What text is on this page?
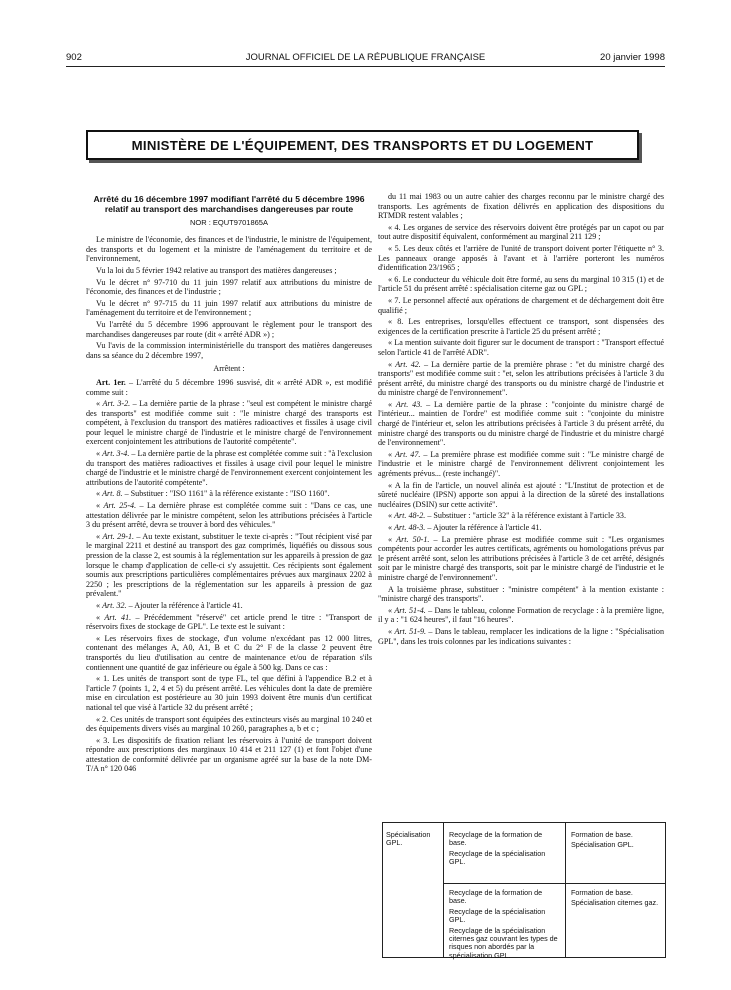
902	JOURNAL OFFICIEL DE LA RÉPUBLIQUE FRANÇAISE	20 janvier 1998
MINISTÈRE DE L'ÉQUIPEMENT, DES TRANSPORTS ET DU LOGEMENT
Arrêté du 16 décembre 1997 modifiant l'arrêté du 5 décembre 1996 relatif au transport des marchandises dangereuses par route
NOR : EQUT9701865A

Le ministre de l'économie, des finances et de l'industrie, le ministre de l'équipement, des transports et du logement et la ministre de l'aménagement du territoire et de l'environnement,

Vu la loi du 5 février 1942 relative au transport des matières dangereuses ;

Vu le décret n° 97-710 du 11 juin 1997 relatif aux attributions du ministre de l'économie, des finances et de l'industrie ;

Vu le décret n° 97-715 du 11 juin 1997 relatif aux attributions du ministre de l'aménagement du territoire et de l'environnement ;

Vu l'arrêté du 5 décembre 1996 approuvant le règlement pour le transport des marchandises dangereuses par route (dit « arrêté ADR ») ;

Vu l'avis de la commission interministérielle du transport des matières dangereuses dans sa séance du 2 décembre 1997,

Arrêtent :

Art. 1er. – L'arrêté du 5 décembre 1996 susvisé, dit « arrêté ADR », est modifié comme suit :

« Art. 3-2. – La dernière partie de la phrase : "seul est compétent le ministre chargé des transports" est modifiée comme suit : "le ministre chargé des transports est compétent, à l'exclusion du transport des matières radioactives et fissiles à usage civil pour lequel le ministre chargé de l'industrie et le ministre chargé de l'environnement exercent conjointement les attributions de l'autorité compétente".

« Art. 3-4. – La dernière partie de la phrase est complétée comme suit : "à l'exclusion du transport des matières radioactives et fissiles à usage civil pour lequel le ministre chargé de l'industrie et le ministre chargé de l'environnement exercent conjointement les attributions de l'autorité compétente".

« Art. 8. – Substituer : "ISO 1161" à la référence existante : "ISO 1160".

« Art. 25-4. – La dernière phrase est complétée comme suit : "Dans ce cas, une attestation délivrée par le ministre compétent, selon les attributions précisées à l'article 3 du présent arrêté, devra se trouver à bord des véhicules."

« Art. 29-1. – Au texte existant, substituer le texte ci-après : "Tout récipient visé par le marginal 2211 et destiné au transport des gaz comprimés, liquéfiés ou dissous sous pression de la classe 2, est soumis à la réglementation sur les appareils à pression de gaz lorsque le champ d'application de celle-ci s'y assujettit. Ces récipients sont également soumis aux prescriptions particulières complémentaires prévues aux marginaux 2202 à 2250 ; les prescriptions de la réglementation sur les appareils à pression de gaz prévalent."

« Art. 32. – Ajouter la référence à l'article 41.

« Art. 41. – Précédemment "réservé" cet article prend le titre : "Transport de réservoirs fixes de stockage de GPL". Le texte est le suivant :

« Les réservoirs fixes de stockage, d'un volume n'excédant pas 12 000 litres, contenant des mélanges A, A0, A1, B et C du 2° F de la classe 2 peuvent être transportés du lieu d'utilisation au centre de maintenance et/ou de réparation s'ils contiennent une quantité de gaz inférieure ou égale à 500 kg. Dans ce cas :

« 1. Les unités de transport sont de type FL, tel que défini à l'appendice B.2 et à l'article 7 (points 1, 2, 4 et 5) du présent arrêté. Les véhicules dont la date de première mise en circulation est postérieure au 30 juin 1993 doivent être munis d'un certificat national tel que visé à l'article 32 du présent arrêté ;

« 2. Ces unités de transport sont équipées des extincteurs visés au marginal 10 240 et des équipements divers visés au marginal 10 260, paragraphes a, b et c ;

« 3. Les dispositifs de fixation reliant les réservoirs à l'unité de transport doivent répondre aux prescriptions des marginaux 10 414 et 211 127 (1) et font l'objet d'une attestation de conformité délivrée par un organisme agréé sur la base de la note DM-T/A n° 120 046

du 11 mai 1983 ou un autre cahier des charges reconnu par le ministre chargé des transports. Les agréments de fixation délivrés en application des dispositions du RTMDR restent valables ;

« 4. Les organes de service des réservoirs doivent être protégés par un capot ou par tout autre dispositif équivalent, conformément au marginal 211 129 ;

« 5. Les deux côtés et l'arrière de l'unité de transport doivent porter l'étiquette n° 3. Les panneaux orange apposés à l'avant et à l'arrière porteront les numéros d'identification 23/1965 ;

« 6. Le conducteur du véhicule doit être formé, au sens du marginal 10 315 (1) et de l'article 51 du présent arrêté : spécialisation citerne gaz ou GPL ;

« 7. Le personnel affecté aux opérations de chargement et de déchargement doit être qualifié ;

« 8. Les entreprises, lorsqu'elles effectuent ce transport, sont dispensées des exigences de la certification prescrite à l'article 25 du présent arrêté ;

« La mention suivante doit figurer sur le document de transport : "Transport effectué selon l'article 41 de l'arrêté ADR".

« Art. 42. – La dernière partie de la première phrase : "et du ministre chargé des transports" est modifiée comme suit : "et, selon les attributions précisées à l'article 3 du présent arrêté, du ministre chargé des transports ou du ministre chargé de l'industrie et du ministre chargé de l'environnement".

« Art. 43. – La dernière partie de la phrase : "conjointe du ministre chargé de l'intérieur... maintien de l'ordre" est modifiée comme suit : "conjointe du ministre chargé de l'intérieur et, selon les attributions précisées à l'article 3 du présent arrêté, du ministre chargé des transports ou du ministre chargé de l'industrie et du ministre chargé de l'environnement".

« Art. 47. – La première phrase est modifiée comme suit : "Le ministre chargé de l'industrie et le ministre chargé de l'environnement délivrent conjointement les agréments prévus... (reste inchangé)".

« A la fin de l'article, un nouvel alinéa est ajouté : "L'Institut de protection et de sûreté nucléaire (IPSN) apporte son appui à la direction de la sûreté des installations nucléaires (DSIN) sur cette activité".

« Art. 48-2. – Substituer : "article 32" à la référence existant à l'article 33.

« Art. 48-3. – Ajouter la référence à l'article 41.

« Art. 50-1. – La première phrase est modifiée comme suit : "Les organismes compétents pour accorder les autres certificats, agréments ou homologations prévus par le présent arrêté sont, selon les attributions précisées à l'article 3 de cet arrêté, désignés soit par le ministre chargé des transports, soit par le ministre chargé de l'industrie et le ministre chargé de l'environnement".

A la troisième phrase, substituer : "ministre compétent" à la mention existante : "ministre chargé des transports".

« Art. 51-4. – Dans le tableau, colonne Formation de recyclage : à la première ligne, il y a : "1 624 heures", il faut "16 heures".

« Art. 51-9. – Dans le tableau, remplacer les indications de la ligne : "Spécialisation GPL", dans les trois colonnes par les indications suivantes :

Spécialisation GPL.
Recyclage de la formation de base.
Recyclage de la spécialisation GPL.
Formation de base.
Spécialisation GPL.
Recyclage de la formation de base.
Recyclage de la spécialisation GPL.
Recyclage de la spécialisation citernes gaz couvrant les types de risques non abordés par la spécialisation GPL.
Formation de base.
Spécialisation citernes gaz.
